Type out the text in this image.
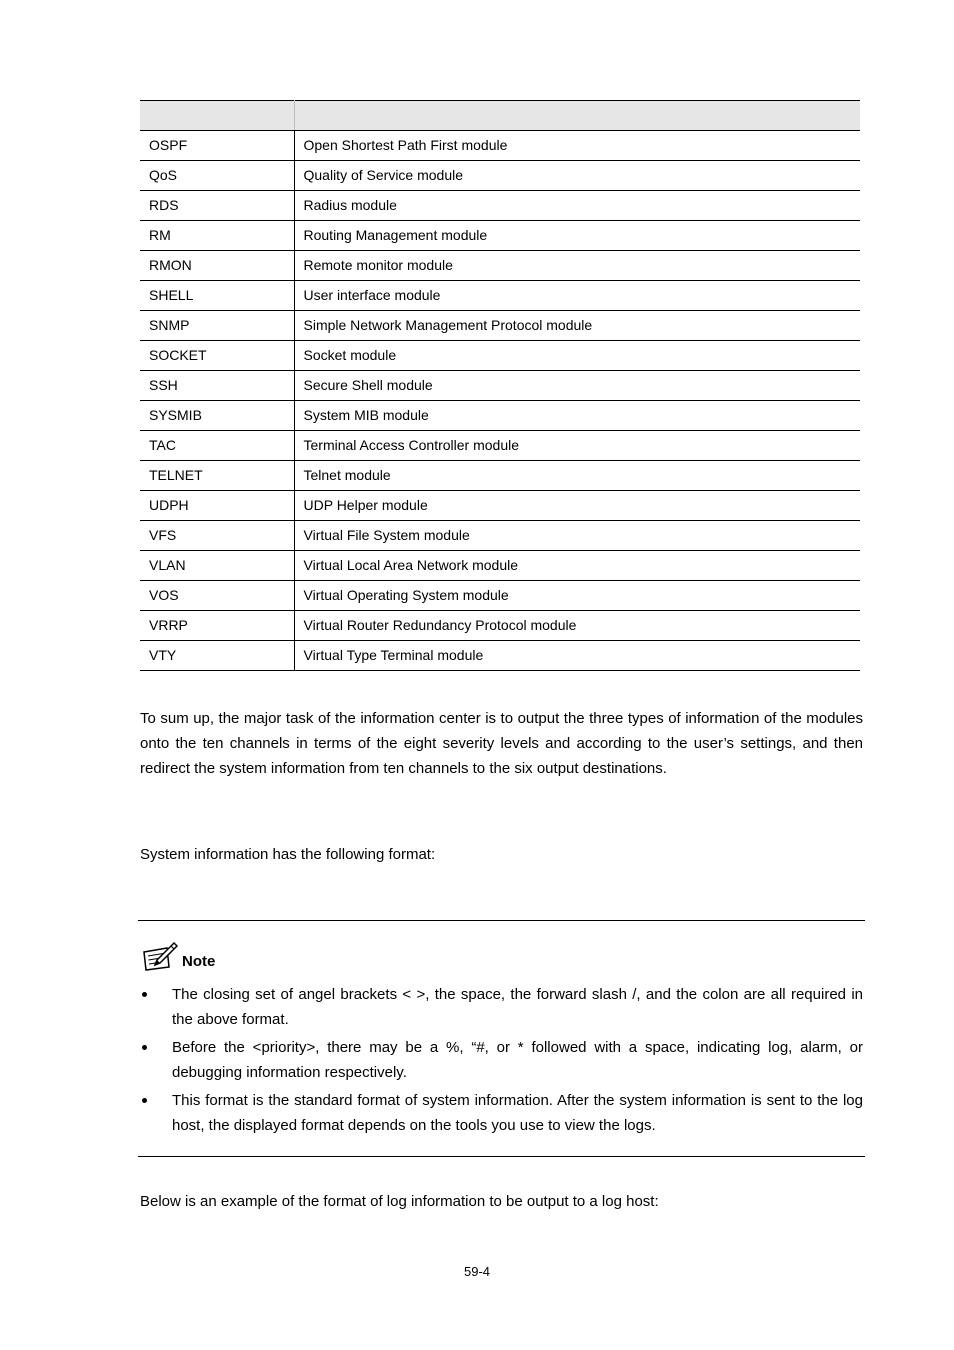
OSPF	Open Shortest Path First module
QoS	Quality of Service module
RDS	Radius module
RM	Routing Management module
RMON	Remote monitor module
SHELL	User interface module
SNMP	Simple Network Management Protocol module
SOCKET	Socket module
SSH	Secure Shell module
SYSMIB	System MIB module
TAC	Terminal Access Controller module
TELNET	Telnet module
UDPH	UDP Helper module
VFS	Virtual File System module
VLAN	Virtual Local Area Network module
VOS	Virtual Operating System module
VRRP	Virtual Router Redundancy Protocol module
VTY	Virtual Type Terminal module

To sum up, the major task of the information center is to output the three types of information of the modules onto the ten channels in terms of the eight severity levels and according to the user’s settings, and then redirect the system information from ten channels to the six output destinations.

System information has the following format:

Note
The closing set of angel brackets < >, the space, the forward slash /, and the colon are all required in the above format.
Before the <priority>, there may be a %, “#, or * followed with a space, indicating log, alarm, or debugging information respectively.
This format is the standard format of system information. After the system information is sent to the log host, the displayed format depends on the tools you use to view the logs.

Below is an example of the format of log information to be output to a log host:

59-4
